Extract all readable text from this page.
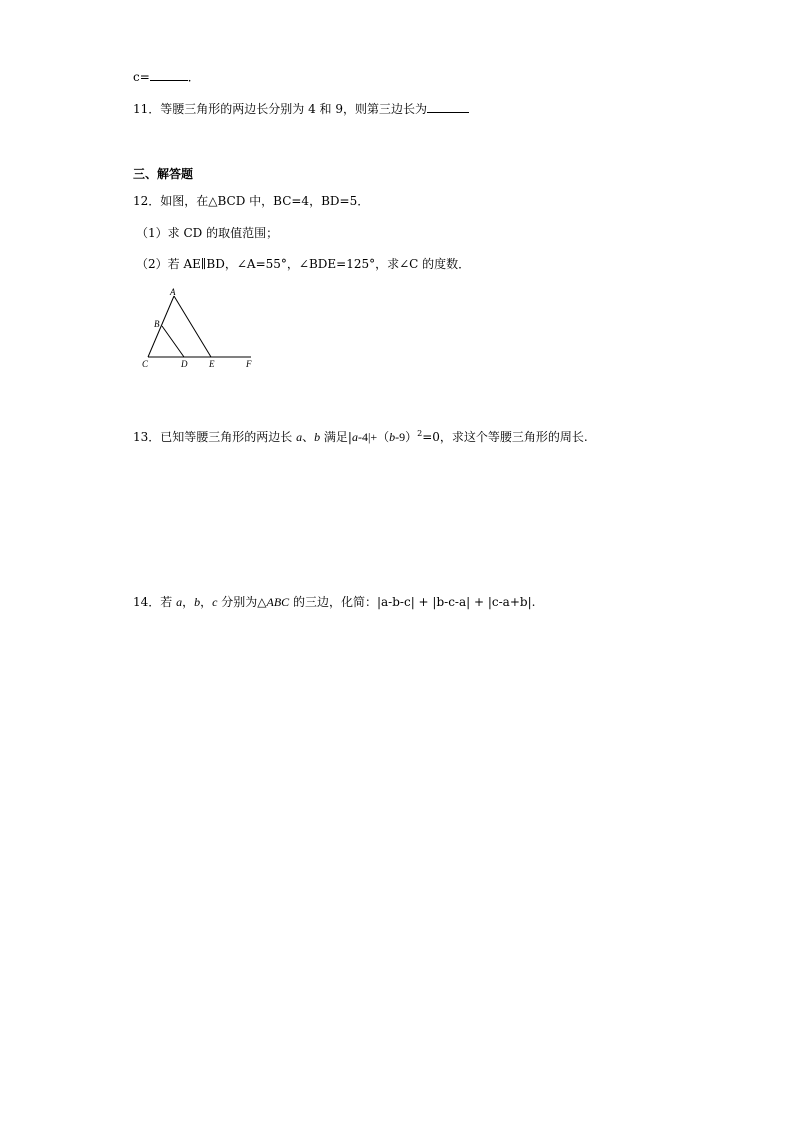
c=	．
11．等腰三角形的两边长分别为 4 和 9，则第三边长为
三、解答题
12．如图，在△BCD 中，BC=4，BD=5．
（1）求 CD 的取值范围；
（2）若 AE∥BD，∠A=55°，∠BDE=125°，求∠C 的度数．
A
B
C	D E	F
13．已知等腰三角形的两边长 a、b 满足$|a-4|+(b-9)^2=0$，求这个等腰三角形的周长.
14．若 a，b，c 分别为△ABC 的三边，化简：|a-b-c| + |b-c-a| + |c-a+b|.
